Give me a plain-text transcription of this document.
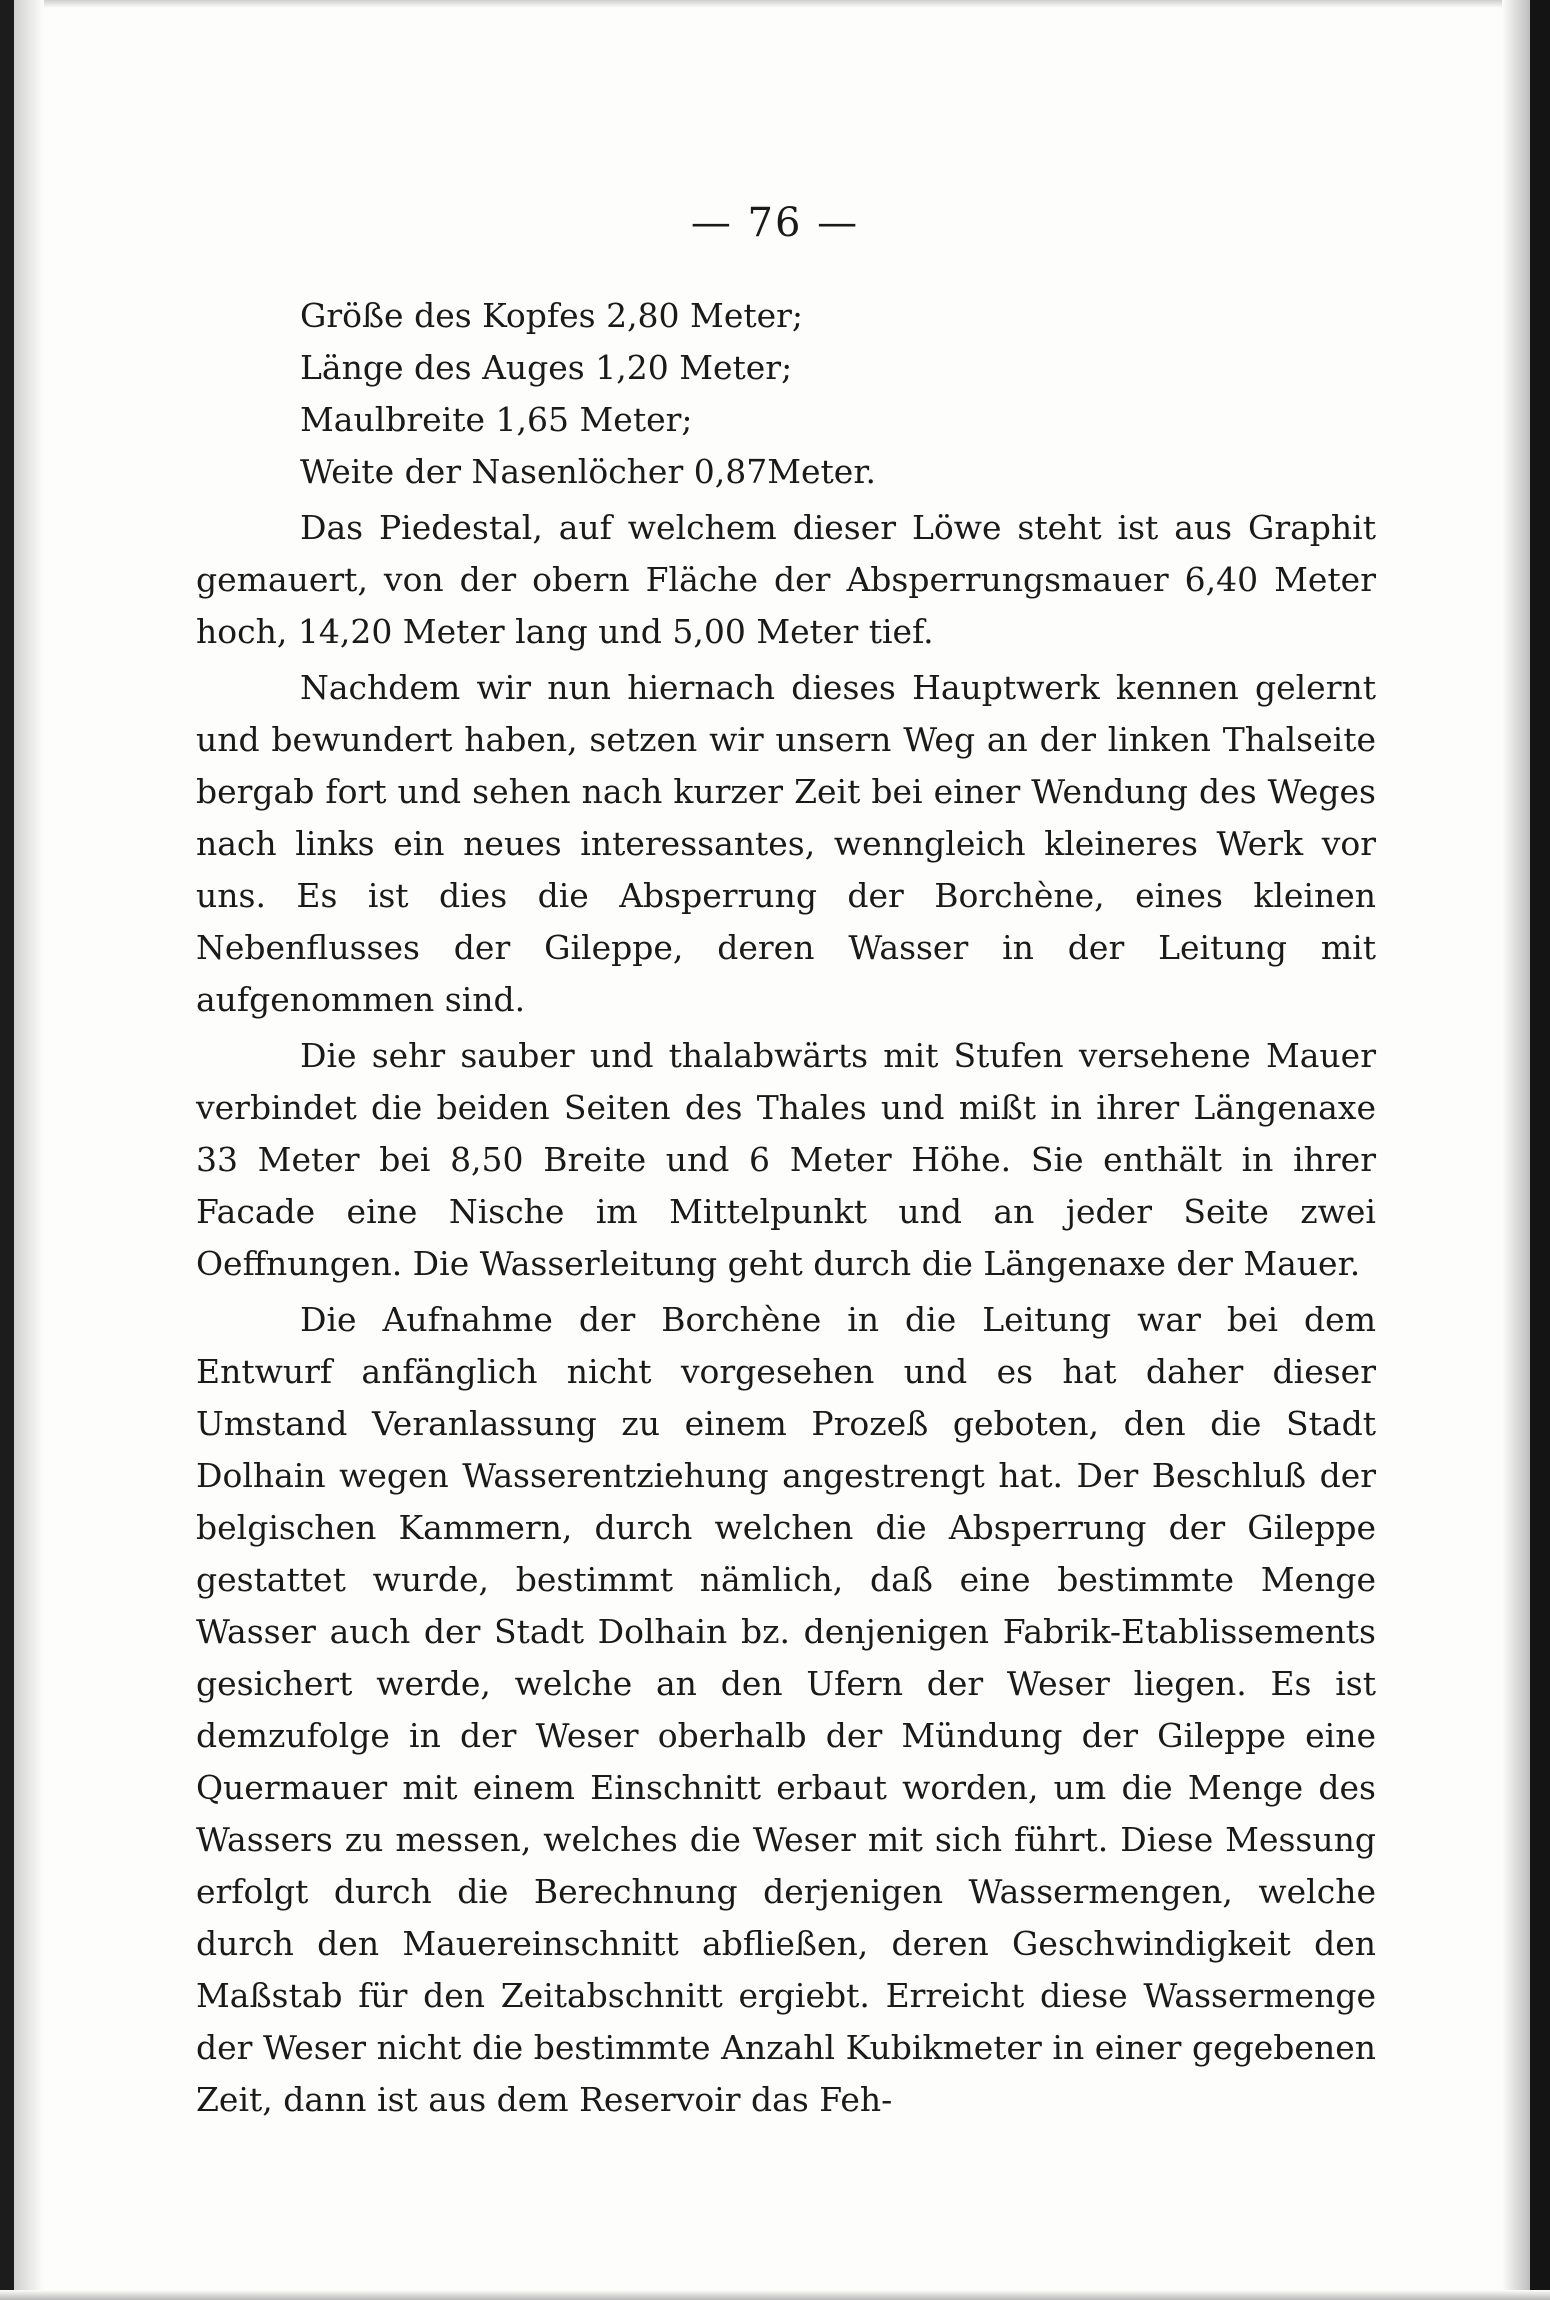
— 76 —

Größe des Kopfes 2,80 Meter;

Länge des Auges 1,20 Meter;

Maulbreite 1,65 Meter;

Weite der Nasenlöcher 0,87Meter.

Das Piedestal, auf welchem dieser Löwe steht ist aus Graphit gemauert, von der obern Fläche der Absperrungsmauer 6,40 Meter hoch, 14,20 Meter lang und 5,00 Meter tief.

Nachdem wir nun hiernach dieses Hauptwerk kennen gelernt und bewundert haben, setzen wir unsern Weg an der linken Thalseite bergab fort und sehen nach kurzer Zeit bei einer Wendung des Weges nach links ein neues interessantes, wenngleich kleineres Werk vor uns. Es ist dies die Absperrung der Borchène, eines kleinen Nebenflusses der Gileppe, deren Wasser in der Leitung mit aufgenommen sind.

Die sehr sauber und thalabwärts mit Stufen versehene Mauer verbindet die beiden Seiten des Thales und mißt in ihrer Längenaxe 33 Meter bei 8,50 Breite und 6 Meter Höhe. Sie enthält in ihrer Facade eine Nische im Mittelpunkt und an jeder Seite zwei Oeffnungen. Die Wasserleitung geht durch die Längenaxe der Mauer.

Die Aufnahme der Borchène in die Leitung war bei dem Entwurf anfänglich nicht vorgesehen und es hat daher dieser Umstand Veranlassung zu einem Prozeß geboten, den die Stadt Dolhain wegen Wasserentziehung angestrengt hat. Der Beschluß der belgischen Kammern, durch welchen die Absperrung der Gileppe gestattet wurde, bestimmt nämlich, daß eine bestimmte Menge Wasser auch der Stadt Dolhain bz. denjenigen Fabrik-Etablissements gesichert werde, welche an den Ufern der Weser liegen. Es ist demzufolge in der Weser oberhalb der Mündung der Gileppe eine Quermauer mit einem Einschnitt erbaut worden, um die Menge des Wassers zu messen, welches die Weser mit sich führt. Diese Messung erfolgt durch die Berechnung derjenigen Wassermengen, welche durch den Mauereinschnitt abfließen, deren Geschwindigkeit den Maßstab für den Zeitabschnitt ergiebt. Erreicht diese Wassermenge der Weser nicht die bestimmte Anzahl Kubikmeter in einer gegebenen Zeit, dann ist aus dem Reservoir das Feh-
